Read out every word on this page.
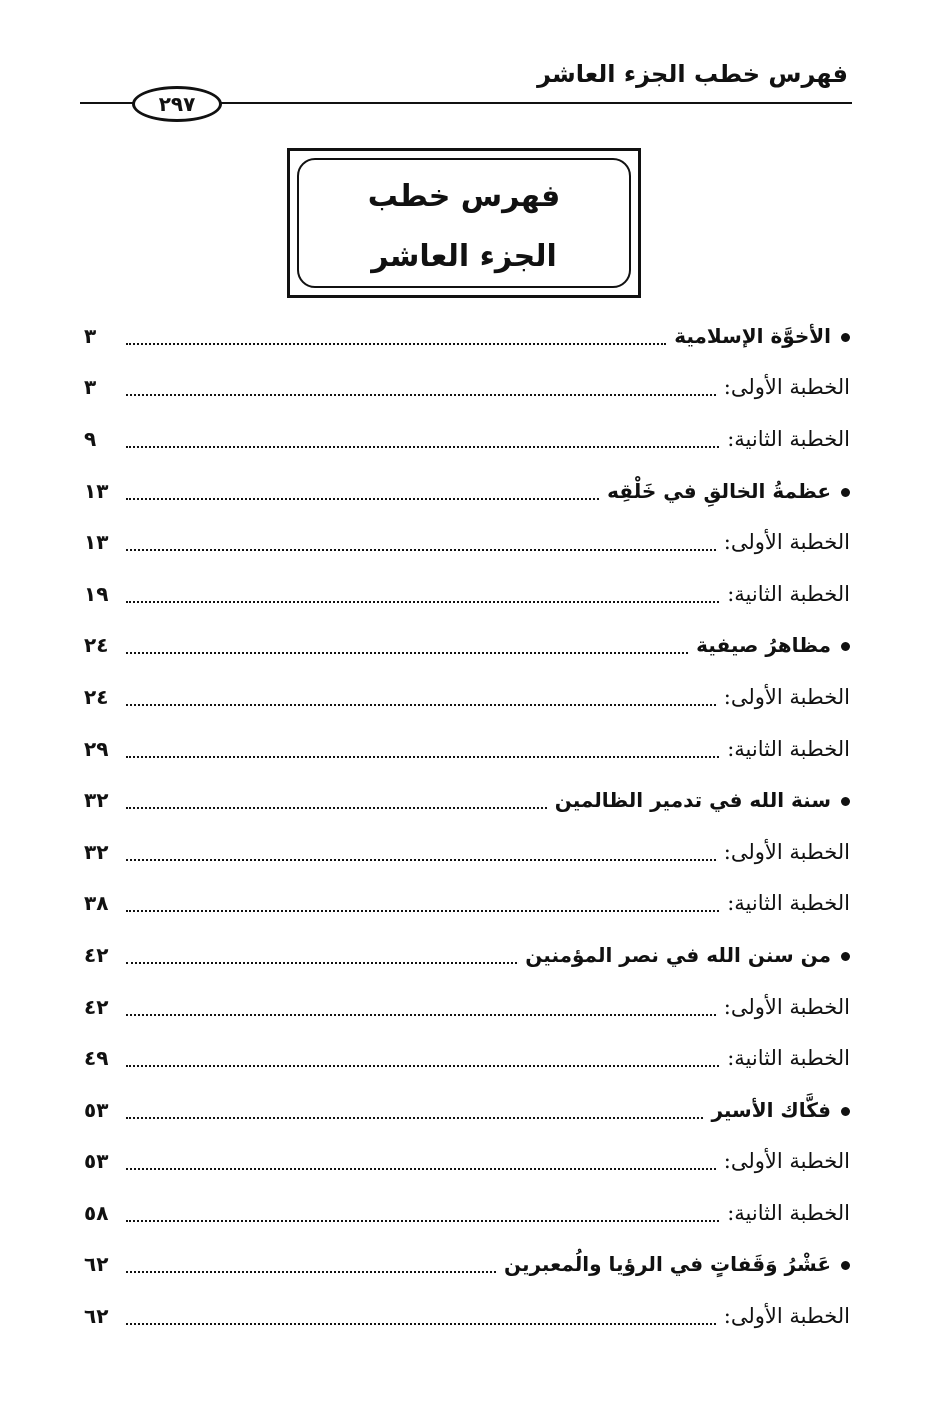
فهرس خطب الجزء العاشر
٢٩٧
فهرس خطب
الجزء العاشر
الأخوَّة الإسلامية
٣
الخطبة الأولى:
٣
الخطبة الثانية:
٩
عظمةُ الخالقِ في خَلْقِه
١٣
الخطبة الأولى:
١٣
الخطبة الثانية:
١٩
مظاهرُ صيفية
٢٤
الخطبة الأولى:
٢٤
الخطبة الثانية:
٢٩
سنة الله في تدمير الظالمين
٣٢
الخطبة الأولى:
٣٢
الخطبة الثانية:
٣٨
من سنن الله في نصر المؤمنين
٤٢
الخطبة الأولى:
٤٢
الخطبة الثانية:
٤٩
فكَّاك الأسير
٥٣
الخطبة الأولى:
٥٣
الخطبة الثانية:
٥٨
عَشْرُ وَقَفاتٍ في الرؤيا والُمعبرين
٦٢
الخطبة الأولى:
٦٢
